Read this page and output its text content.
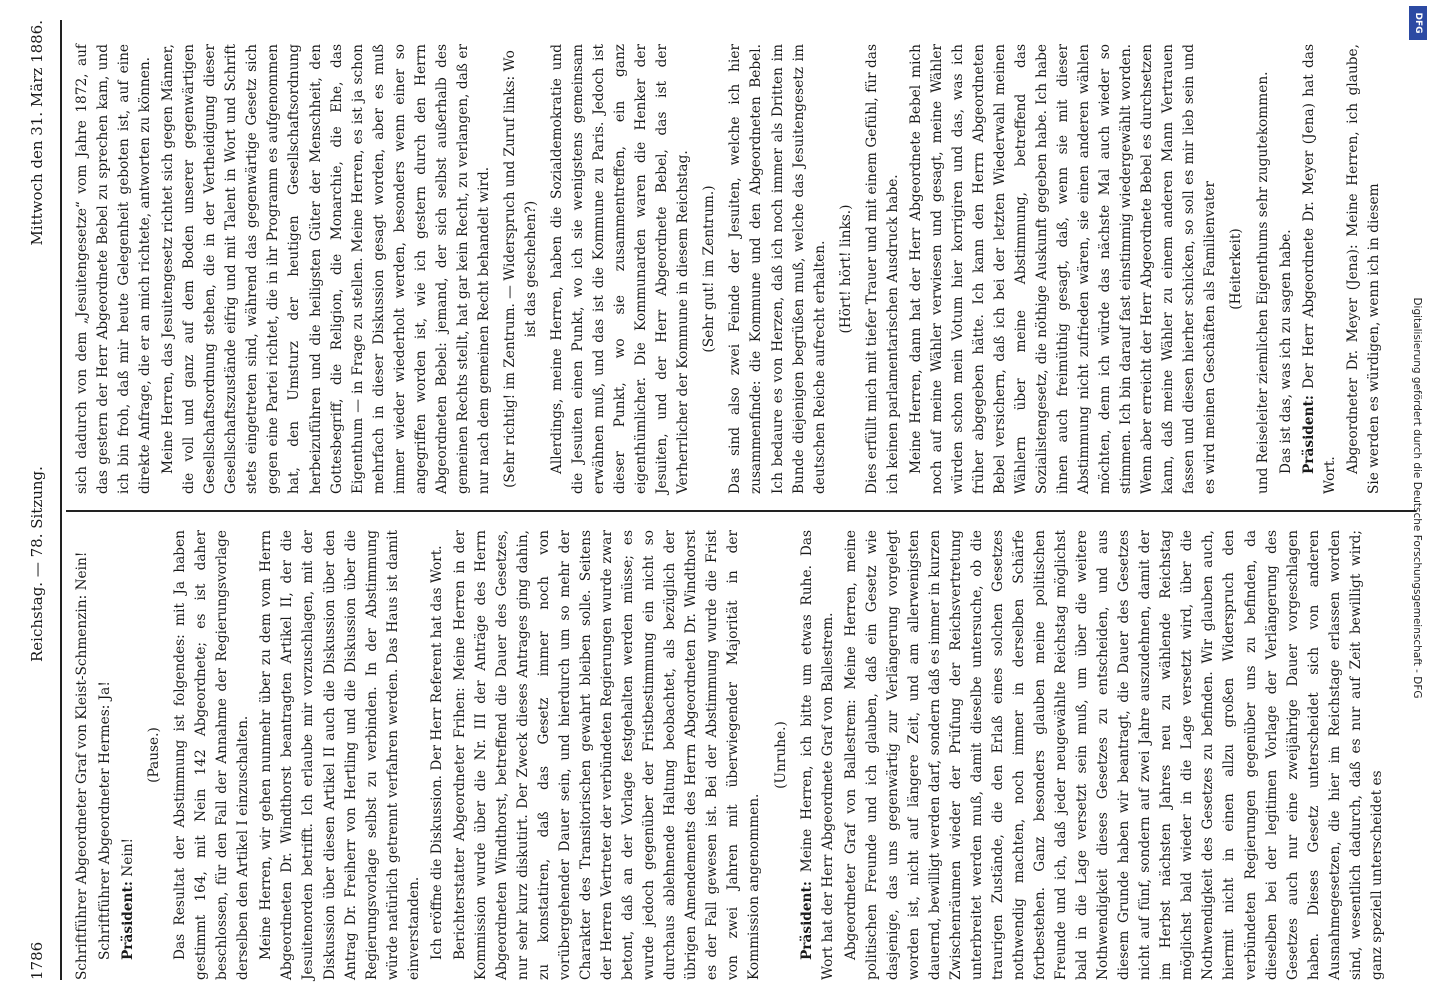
1786
Reichstag. — 78. Sitzung.
Mittwoch den 31. März 1886.

Schriftführer Abgeordneter Graf von Kleist-Schmenzin: Nein! Schriftführer Abgeordneter Hermes: Ja! Präsident: Nein!

(Pause.) Das Resultat der Abstimmung ist folgendes: mit Ja haben gestimmt 164, mit Nein 142 Abgeordnete; es ist daher beschlossen, für den Fall der Annahme der Regierungsvorlage derselben den Artikel I einzuschalten. Meine Herren, wir gehen nunmehr über zu dem vom Herrn Abgeordneten Dr. Windthorst beantragten Artikel II, der die Jesuitenorden betrifft. Ich erlaube mir vorzuschlagen, mit der Diskussion über diesen Artikel II auch die Diskussion über den Antrag Dr. Freiherr von Hertling und die Diskussion über die Regierungsvorlage selbst zu verbinden. In der Abstimmung würde natürlich getrennt verfahren werden. Das Haus ist damit einverstanden. Ich eröffne die Diskussion. Der Herr Referent hat das Wort. Berichterstatter Abgeordneter Frihen: Meine Herren in der Kommission wurde über die Nr. III der Anträge des Herrn Abgeordneten Windthorst, betreffend die Dauer des Gesetzes, nur sehr kurz diskutirt. Der Zweck dieses Antrages ging dahin, zu konstatiren, daß das Gesetz immer noch von vorübergehender Dauer sein, und hierdurch um so mehr der Charakter des Transitorischen gewahrt bleiben solle. Seitens der Herren Vertreter der verbündeten Regierungen wurde zwar betont, daß an der Vorlage festgehalten werden müsse; es wurde jedoch gegenüber der Fristbestimmung ein nicht so durchaus ablehnende Haltung beobachtet, als bezüglich der übrigen Amendements des Herrn Abgeordneten Dr. Windthorst es der Fall gewesen ist. Bei der Abstimmung wurde die Frist von zwei Jahren mit überwiegender Majorität in der Kommission angenommen.

(Unruhe.)

Präsident: Meine Herren, ich bitte um etwas Ruhe. Das Wort hat der Herr Abgeordnete Graf von Ballestrem. Abgeordneter Graf von Ballestrem: Meine Herren, meine politischen Freunde und ich glauben, daß ein Gesetz wie dasjenige, das uns gegenwärtig zur Verlängerung vorgelegt worden ist, nicht auf längere Zeit, und am allerwenigsten dauernd, bewilligt werden darf, sondern daß es immer in kurzen Zwischenräumen wieder der Prüfung der Reichsvertretung unterbreitet werden muß, damit dieselbe untersuche, ob die traurigen Zustände, die den Erlaß eines solchen Gesetzes nothwendig machten, noch immer in derselben Schärfe fortbestehen. Ganz besonders glauben meine politischen Freunde und ich, daß jeder neugewählte Reichstag möglichst bald in die Lage versetzt sein muß, um über die weitere Nothwendigkeit dieses Gesetzes zu entscheiden, und aus diesem Grunde haben wir beantragt, die Dauer des Gesetzes nicht auf fünf, sondern auf zwei Jahre auszudehnen, damit der im Herbst nächsten Jahres neu zu wählende Reichstag möglichst bald wieder in die Lage versetzt wird, über die Nothwendigkeit des Gesetzes zu befinden. Wir glauben auch, hiermit nicht in einen allzu großen Widerspruch den verbündeten Regierungen gegenüber uns zu befinden, da dieselben bei der legitimen Vorlage der Verlängerung des Gesetzes auch nur eine zweijährige Dauer vorgeschlagen haben. Dieses Gesetz unterscheidet sich von anderen Ausnahmegesetzen, die hier im Reichstage erlassen worden sind, wesentlich dadurch, daß es nur auf Zeit bewilligt wird; ganz speziell unterscheidet es

sich dadurch von dem „Jesuitengesetze“ vom Jahre 1872, auf das gestern der Herr Abgeordnete Bebel zu sprechen kam, und ich bin froh, daß mir heute Gelegenheit geboten ist, auf eine direkte Anfrage, die er an mich richtete, antworten zu können. Meine Herren, das Jesuitengesetz richtet sich gegen Männer, die voll und ganz auf dem Boden unserer gegenwärtigen Gesellschaftsordnung stehen, die in der Vertheidigung dieser Gesellschaftszustände eifrig und mit Talent in Wort und Schrift stets eingetreten sind, während das gegenwärtige Gesetz sich gegen eine Partei richtet, die in ihr Programm es aufgenommen hat, den Umsturz der heutigen Gesellschaftsordnung herbeizuführen und die heiligsten Güter der Menschheit, den Gottesbegriff, die Religion, die Monarchie, die Ehe, das Eigenthum — in Frage zu stellen. Meine Herren, es ist ja schon mehrfach in dieser Diskussion gesagt worden, aber es muß immer wieder wiederholt werden, besonders wenn einer so angegriffen worden ist, wie ich gestern durch den Herrn Abgeordneten Bebel: jemand, der sich selbst außerhalb des gemeinen Rechts stellt, hat gar kein Recht, zu verlangen, daß er nur nach dem gemeinen Recht behandelt wird. (Sehr richtig! im Zentrum. — Widerspruch und Zuruf links: Wo ist das geschehen?) Allerdings, meine Herren, haben die Sozialdemokratie und die Jesuiten einen Punkt, wo ich sie wenigstens gemeinsam erwähnen muß, und das ist die Kommune zu Paris. Jedoch ist dieser Punkt, wo sie zusammentreffen, ein ganz eigenthümlicher. Die Kommunarden waren die Henker der Jesuiten, und der Herr Abgeordnete Bebel, das ist der Verherrlicher der Kommune in diesem Reichstag. (Sehr gut! im Zentrum.) Das sind also zwei Feinde der Jesuiten, welche ich hier zusammenfinde: die Kommune und den Abgeordneten Bebel. Ich bedaure es von Herzen, daß ich noch immer als Dritten im Bunde diejenigen begrüßen muß, welche das Jesuitengesetz im deutschen Reiche aufrecht erhalten. (Hört! hört! links.) Dies erfüllt mich mit tiefer Trauer und mit einem Gefühl, für das ich keinen parlamentarischen Ausdruck habe. Meine Herren, dann hat der Herr Abgeordnete Bebel mich noch auf meine Wähler verwiesen und gesagt, meine Wähler würden schon mein Votum hier korrigiren und das, was ich früher abgegeben hätte. Ich kann den Herrn Abgeordneten Bebel versichern, daß ich bei der letzten Wiederwahl meinen Wählern über meine Abstimmung, betreffend das Sozialistengesetz, die nöthige Auskunft gegeben habe. Ich habe ihnen auch freimüthig gesagt, daß, wenn sie mit dieser Abstimmung nicht zufrieden wären, sie einen anderen wählen möchten, denn ich würde das nächste Mal auch wieder so stimmen. Ich bin darauf fast einstimmig wiedergewählt worden. Wenn aber erreicht der Herr Abgeordnete Bebel es durchsetzen kann, daß meine Wähler zu einem anderen Mann Vertrauen fassen und diesen hierher schicken, so soll es mir lieb sein und es wird meinen Geschäften als Familienvater (Heiterkeit) und Reiseleiter ziemlichen Eigenthums sehr zugutekommen. Das ist das, was ich zu sagen habe. Präsident: Der Herr Abgeordnete Dr. Meyer (Jena) hat das Wort.

Abgeordneter Dr. Meyer (Jena): Meine Herren, ich glaube, Sie werden es würdigen, wenn ich in diesem	Digitalisierung gefördert durch die Deutsche Forschungsgemeinschaft - DFG
DFG
